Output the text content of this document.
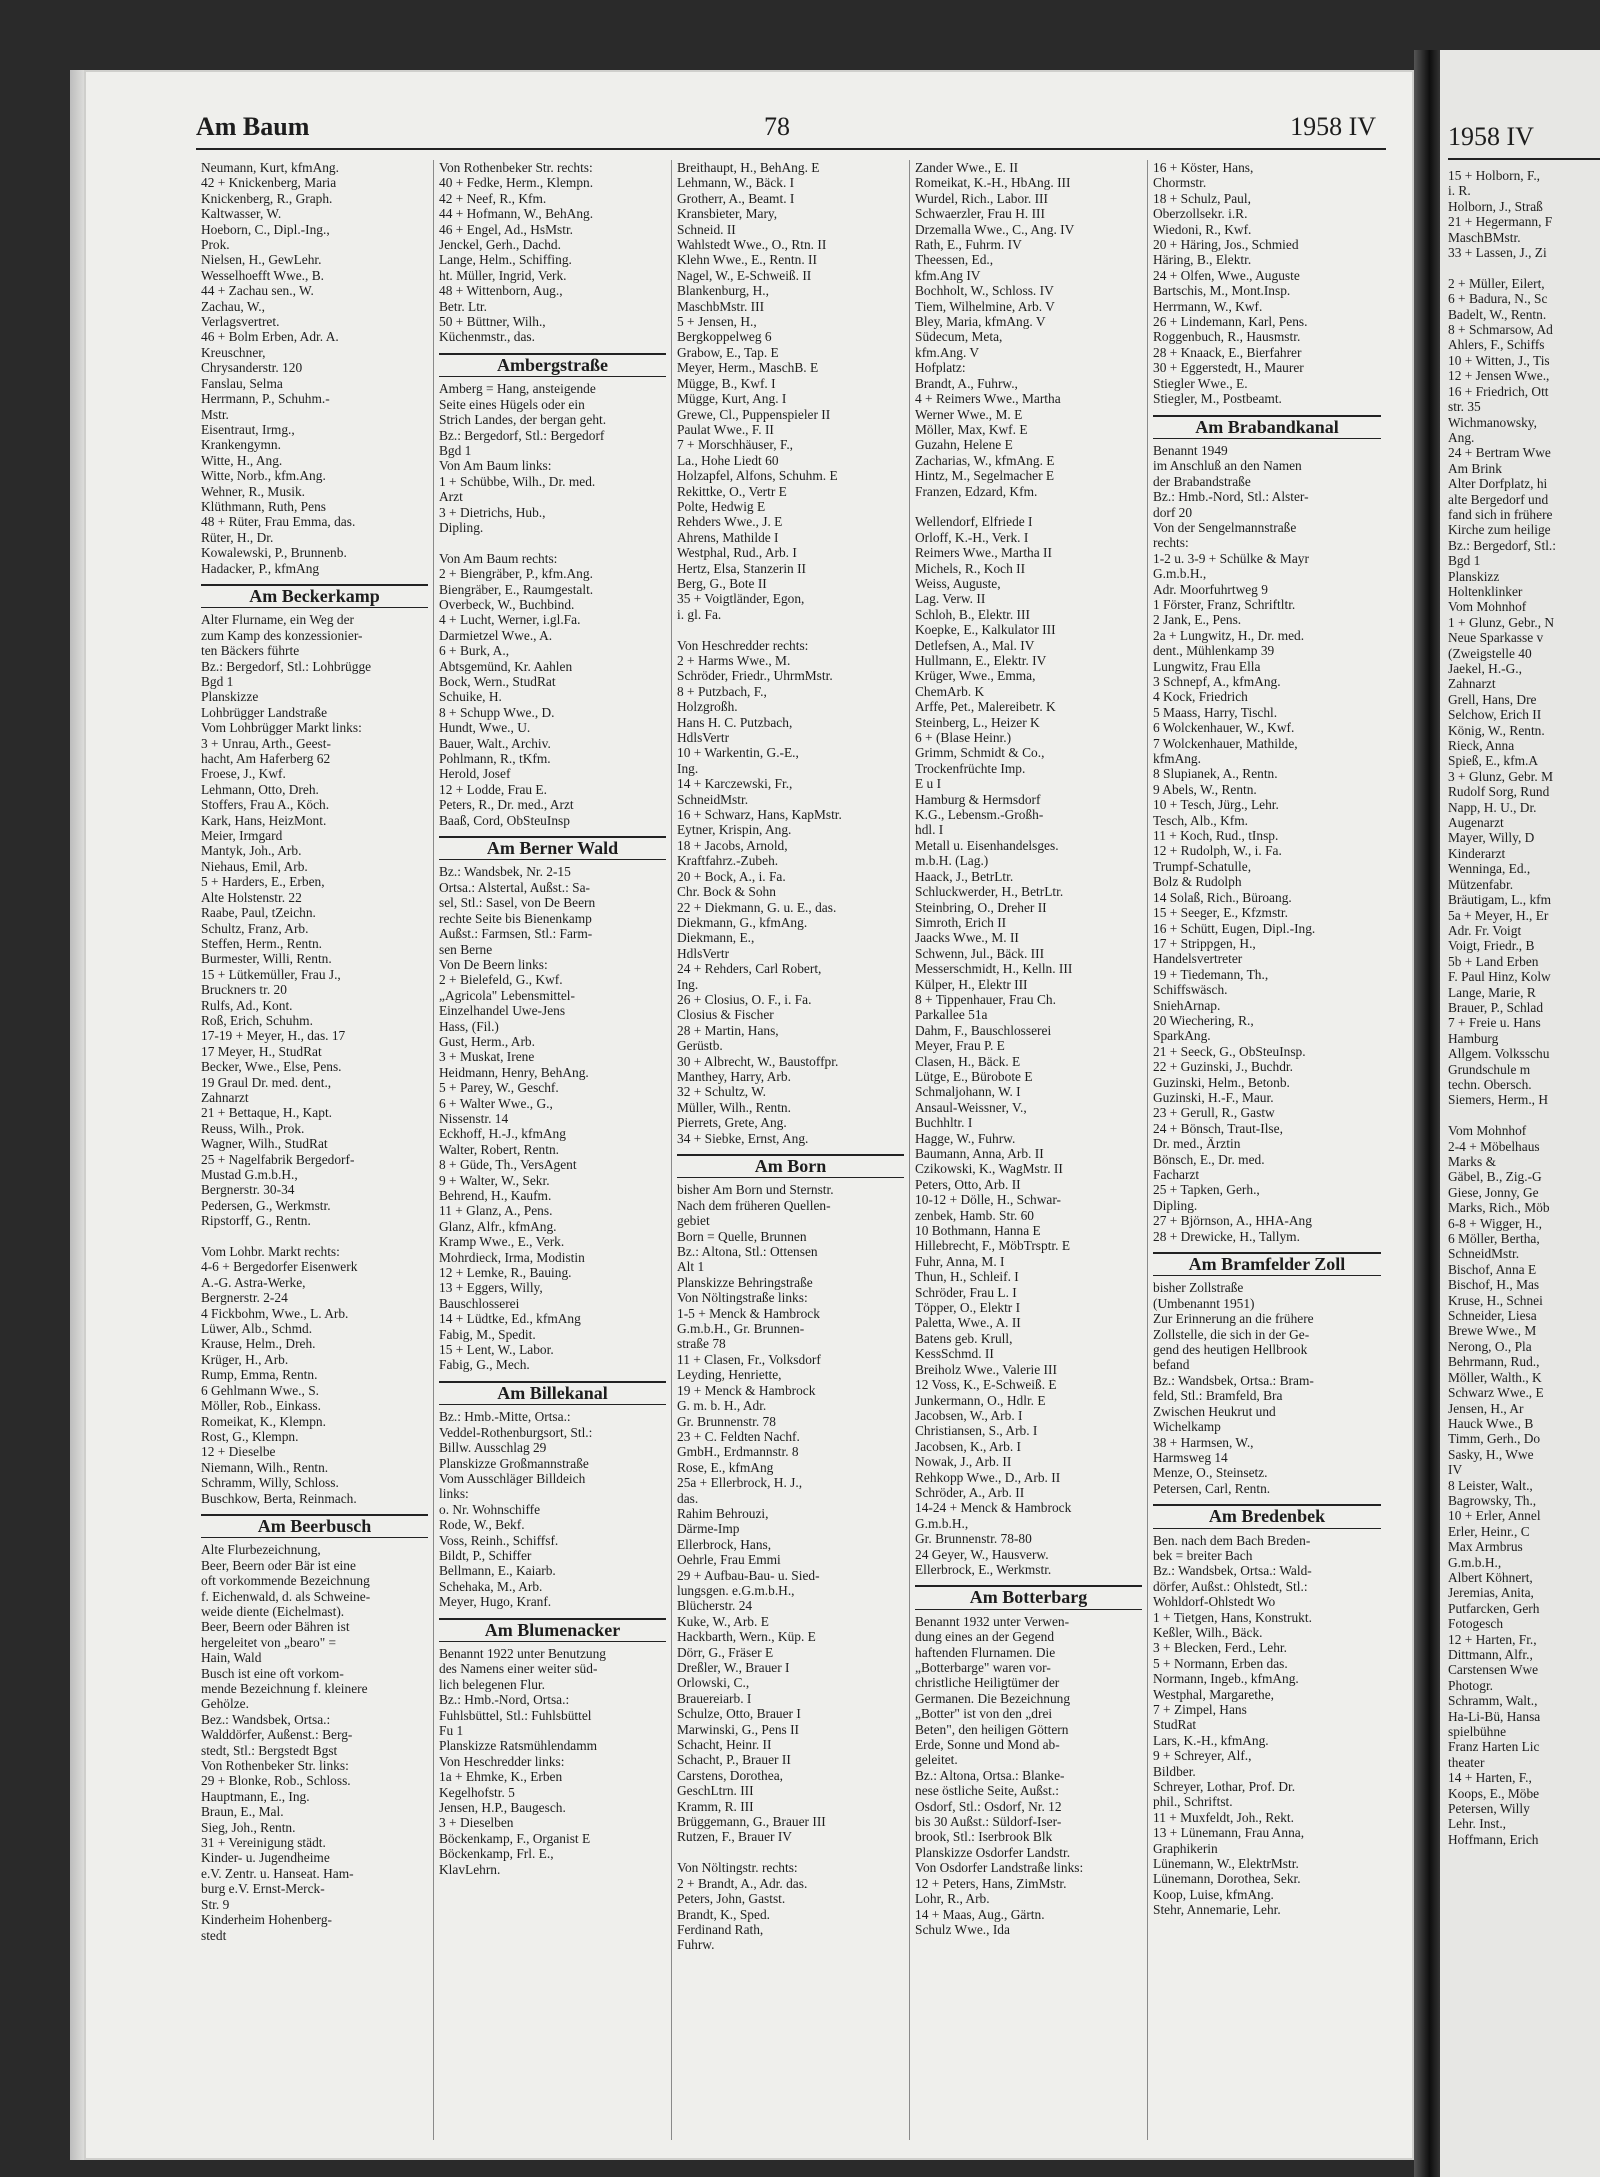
Am Baum	78	1958 IV
Neumann, Kurt, kfmAng.
42 + Knickenberg, Maria
Knickenberg, R., Graph.
Kaltwasser, W.
Hoeborn, C., Dipl.-Ing.,
Prok.
Nielsen, H., GewLehr.
Wesselhoefft Wwe., B.
44 + Zachau sen., W.
Zachau, W.,
Verlagsvertret.
46 + Bolm Erben, Adr. A.
Kreuschner,
Chrysanderstr. 120
Fanslau, Selma
Herrmann, P., Schuhm.-
Mstr.
Eisentraut, Irmg.,
Krankengymn.
Witte, H., Ang.
Witte, Norb., kfm.Ang.
Wehner, R., Musik.
Klüthmann, Ruth, Pens
48 + Rüter, Frau Emma, das.
Rüter, H., Dr.
Kowalewski, P., Brunnenb.
Hadacker, P., kfmAng
Am Beckerkamp
Alter Flurname, ein Weg der
zum Kamp des konzessionier-
ten Bäckers führte
Bz.: Bergedorf, Stl.: Lohbrügge
Bgd 1
Planskizze
Lohbrügger Landstraße
Vom Lohbrügger Markt links:
3 + Unrau, Arth., Geest-
hacht, Am Haferberg 62
Froese, J., Kwf.
Lehmann, Otto, Dreh.
Stoffers, Frau A., Köch.
Kark, Hans, HeizMont.
Meier, Irmgard
Mantyk, Joh., Arb.
Niehaus, Emil, Arb.
5 + Harders, E., Erben,
Alte Holstenstr. 22
Raabe, Paul, tZeichn.
Schultz, Franz, Arb.
Steffen, Herm., Rentn.
Burmester, Willi, Rentn.
15 + Lütkemüller, Frau J.,
Bruckners tr. 20
Rulfs, Ad., Kont.
Roß, Erich, Schuhm.
17-19 + Meyer, H., das. 17
17 Meyer, H., StudRat
Becker, Wwe., Else, Pens.
19 Graul Dr. med. dent.,
Zahnarzt
21 + Bettaque, H., Kapt.
Reuss, Wilh., Prok.
Wagner, Wilh., StudRat
25 + Nagelfabrik Bergedorf-
Mustad G.m.b.H.,
Bergnerstr. 30-34
Pedersen, G., Werkmstr.
Ripstorff, G., Rentn.

Vom Lohbr. Markt rechts:
4-6 + Bergedorfer Eisenwerk
A.-G. Astra-Werke,
Bergnerstr. 2-24
4 Fickbohm, Wwe., L. Arb.
Lüwer, Alb., Schmd.
Krause, Helm., Dreh.
Krüger, H., Arb.
Rump, Emma, Rentn.
6 Gehlmann Wwe., S.
Möller, Rob., Einkass.
Romeikat, K., Klempn.
Rost, G., Klempn.
12 + Dieselbe
Niemann, Wilh., Rentn.
Schramm, Willy, Schloss.
Buschkow, Berta, Reinmach.
Am Beerbusch
Alte Flurbezeichnung,
Beer, Beern oder Bär ist eine
oft vorkommende Bezeichnung
f. Eichenwald, d. als Schweine-
weide diente (Eichelmast).
Beer, Beern oder Bähren ist
hergeleitet von „bearo" =
Hain, Wald
Busch ist eine oft vorkom-
mende Bezeichnung f. kleinere
Gehölze.
Bez.: Wandsbek, Ortsa.:
Walddörfer, Außenst.: Berg-
stedt, Stl.: Bergstedt Bgst
Von Rothenbeker Str. links:
29 + Blonke, Rob., Schloss.
Hauptmann, E., Ing.
Braun, E., Mal.
Sieg, Joh., Rentn.
31 + Vereinigung städt.
Kinder- u. Jugendheime
e.V. Zentr. u. Hanseat. Ham-
burg e.V. Ernst-Merck-
Str. 9
Kinderheim Hohenberg-
stedt
Von Rothenbeker Str. rechts:
40 + Fedke, Herm., Klempn.
42 + Neef, R., Kfm.
44 + Hofmann, W., BehAng.
46 + Engel, Ad., HsMstr.
Jenckel, Gerh., Dachd.
Lange, Helm., Schiffing.
ht. Müller, Ingrid, Verk.
48 + Wittenborn, Aug.,
Betr. Ltr.
50 + Büttner, Wilh.,
Küchenmstr., das.
Ambergstraße
Amberg = Hang, ansteigende
Seite eines Hügels oder ein
Strich Landes, der bergan geht.
Bz.: Bergedorf, Stl.: Bergedorf
Bgd 1
Von Am Baum links:
1 + Schübbe, Wilh., Dr. med.
Arzt
3 + Dietrichs, Hub.,
Dipling.

Von Am Baum rechts:
2 + Biengräber, P., kfm.Ang.
Biengräber, E., Raumgestalt.
Overbeck, W., Buchbind.
4 + Lucht, Werner, i.gl.Fa.
Darmietzel Wwe., A.
6 + Burk, A.,
Abtsgemünd, Kr. Aahlen
Bock, Wern., StudRat
Schuike, H.
8 + Schupp Wwe., D.
Hundt, Wwe., U.
Bauer, Walt., Archiv.
Pohlmann, R., tKfm.
Herold, Josef
12 + Lodde, Frau E.
Peters, R., Dr. med., Arzt
Baaß, Cord, ObSteuInsp
Am Berner Wald
Bz.: Wandsbek, Nr. 2-15
Ortsa.: Alstertal, Außst.: Sa-
sel, Stl.: Sasel, von De Beern
rechte Seite bis Bienenkamp
Außst.: Farmsen, Stl.: Farm-
sen Berne
Von De Beern links:
2 + Bielefeld, G., Kwf.
„Agricola" Lebensmittel-
Einzelhandel Uwe-Jens
Hass, (Fil.)
Gust, Herm., Arb.
3 + Muskat, Irene
Heidmann, Henry, BehAng.
5 + Parey, W., Geschf.
6 + Walter Wwe., G.,
Nissenstr. 14
Eckhoff, H.-J., kfmAng
Walter, Robert, Rentn.
8 + Güde, Th., VersAgent
9 + Walter, W., Sekr.
Behrend, H., Kaufm.
11 + Glanz, A., Pens.
Glanz, Alfr., kfmAng.
Kramp Wwe., E., Verk.
Mohrdieck, Irma, Modistin
12 + Lemke, R., Bauing.
13 + Eggers, Willy,
Bauschlosserei
14 + Lüdtke, Ed., kfmAng
Fabig, M., Spedit.
15 + Lent, W., Labor.
Fabig, G., Mech.
Am Billekanal
Bz.: Hmb.-Mitte, Ortsa.:
Veddel-Rothenburgsort, Stl.:
Billw. Ausschlag 29
Planskizze Großmannstraße
Vom Ausschläger Billdeich
links:
o. Nr. Wohnschiffe
Rode, W., Bekf.
Voss, Reinh., Schiffsf.
Bildt, P., Schiffer
Bellmann, E., Kaiarb.
Schehaka, M., Arb.
Meyer, Hugo, Kranf.
Am Blumenacker
Benannt 1922 unter Benutzung
des Namens einer weiter süd-
lich belegenen Flur.
Bz.: Hmb.-Nord, Ortsa.:
Fuhlsbüttel, Stl.: Fuhlsbüttel
Fu 1
Planskizze Ratsmühlendamm
Von Heschredder links:
1a + Ehmke, K., Erben
Kegelhofstr. 5
Jensen, H.P., Baugesch.
3 + Dieselben
Böckenkamp, F., Organist E
Böckenkamp, Frl. E.,
KlavLehrn.
Breithaupt, H., BehAng. E
Lehmann, W., Bäck. I
Grotherr, A., Beamt. I
Kransbieter, Mary,
Schneid. II
Wahlstedt Wwe., O., Rtn. II
Klehn Wwe., E., Rentn. II
Nagel, W., E-Schweiß. II
Blankenburg, H.,
MaschbMstr. III
5 + Jensen, H.,
Bergkoppelweg 6
Grabow, E., Tap. E
Meyer, Herm., MaschB. E
Mügge, B., Kwf. I
Mügge, Kurt, Ang. I
Grewe, Cl., Puppenspieler II
Paulat Wwe., F. II
7 + Morschhäuser, F.,
La., Hohe Liedt 60
Holzapfel, Alfons, Schuhm. E
Rekittke, O., Vertr E
Polte, Hedwig E
Rehders Wwe., J. E
Ahrens, Mathilde I
Westphal, Rud., Arb. I
Hertz, Elsa, Stanzerin II
Berg, G., Bote II
35 + Voigtländer, Egon,
i. gl. Fa.

Von Heschredder rechts:
2 + Harms Wwe., M.
Schröder, Friedr., UhrmMstr.
8 + Putzbach, F.,
Holzgroßh.
Hans H. C. Putzbach,
HdlsVertr
10 + Warkentin, G.-E.,
Ing.
14 + Karczewski, Fr.,
SchneidMstr.
16 + Schwarz, Hans, KapMstr.
Eytner, Krispin, Ang.
18 + Jacobs, Arnold,
Kraftfahrz.-Zubeh.
20 + Bock, A., i. Fa.
Chr. Bock & Sohn
22 + Diekmann, G. u. E., das.
Diekmann, G., kfmAng.
Diekmann, E.,
HdlsVertr
24 + Rehders, Carl Robert,
Ing.
26 + Closius, O. F., i. Fa.
Closius & Fischer
28 + Martin, Hans,
Gerüstb.
30 + Albrecht, W., Baustoffpr.
Manthey, Harry, Arb.
32 + Schultz, W.
Müller, Wilh., Rentn.
Pierrets, Grete, Ang.
34 + Siebke, Ernst, Ang.
Am Born
bisher Am Born und Sternstr.
Nach dem früheren Quellen-
gebiet
Born = Quelle, Brunnen
Bz.: Altona, Stl.: Ottensen
Alt 1
Planskizze Behringstraße
Von Nöltingstraße links:
1-5 + Menck & Hambrock
G.m.b.H., Gr. Brunnen-
straße 78
11 + Clasen, Fr., Volksdorf
Leyding, Henriette,
19 + Menck & Hambrock
G. m. b. H., Adr.
Gr. Brunnenstr. 78
23 + C. Feldten Nachf.
GmbH., Erdmannstr. 8
Rose, E., kfmAng
25a + Ellerbrock, H. J.,
das.
Rahim Behrouzi,
Därme-Imp
Ellerbrock, Hans,
Oehrle, Frau Emmi
29 + Aufbau-Bau- u. Sied-
lungsgen. e.G.m.b.H.,
Blücherstr. 24
Kuke, W., Arb. E
Hackbarth, Wern., Küp. E
Dörr, G., Fräser E
Dreßler, W., Brauer I
Orlowski, C.,
Brauereiarb. I
Schulze, Otto, Brauer I
Marwinski, G., Pens II
Schacht, Heinr. II
Schacht, P., Brauer II
Carstens, Dorothea,
GeschLtrn. III
Kramm, R. III
Brüggemann, G., Brauer III
Rutzen, F., Brauer IV

Von Nöltingstr. rechts:
2 + Brandt, A., Adr. das.
Peters, John, Gastst.
Brandt, K., Sped.
Ferdinand Rath,
Fuhrw.
Zander Wwe., E. II
Romeikat, K.-H., HbAng. III
Wurdel, Rich., Labor. III
Schwaerzler, Frau H. III
Drzemalla Wwe., C., Ang. IV
Rath, E., Fuhrm. IV
Theessen, Ed.,
kfm.Ang IV
Bochholt, W., Schloss. IV
Tiem, Wilhelmine, Arb. V
Bley, Maria, kfmAng. V
Südecum, Meta,
kfm.Ang. V
Hofplatz:
Brandt, A., Fuhrw.,
4 + Reimers Wwe., Martha
Werner Wwe., M. E
Möller, Max, Kwf. E
Guzahn, Helene E
Zacharias, W., kfmAng. E
Hintz, M., Segelmacher E
Franzen, Edzard, Kfm.

Wellendorf, Elfriede I
Orloff, K.-H., Verk. I
Reimers Wwe., Martha II
Michels, R., Koch II
Weiss, Auguste,
Lag. Verw. II
Schloh, B., Elektr. III
Koepke, E., Kalkulator III
Detlefsen, A., Mal. IV
Hullmann, E., Elektr. IV
Krüger, Wwe., Emma,
ChemArb. K
Arffe, Pet., Malereibetr. K
Steinberg, L., Heizer K
6 + (Blase Heinr.)
Grimm, Schmidt & Co.,
Trockenfrüchte Imp.
E u I
Hamburg & Hermsdorf
K.G., Lebensm.-Großh-
hdl. I
Metall u. Eisenhandelsges.
m.b.H. (Lag.)
Haack, J., BetrLtr.
Schluckwerder, H., BetrLtr.
Steinbring, O., Dreher II
Simroth, Erich II
Jaacks Wwe., M. II
Schwenn, Jul., Bäck. III
Messerschmidt, H., Kelln. III
Külper, H., Elektr III
8 + Tippenhauer, Frau Ch.
Parkallee 51a
Dahm, F., Bauschlosserei
Meyer, Frau P. E
Clasen, H., Bäck. E
Lütge, E., Bürobote E
Schmaljohann, W. I
Ansaul-Weissner, V.,
Buchhltr. I
Hagge, W., Fuhrw.
Baumann, Anna, Arb. II
Czikowski, K., WagMstr. II
Peters, Otto, Arb. II
10-12 + Dölle, H., Schwar-
zenbek, Hamb. Str. 60
10 Bothmann, Hanna E
Hillebrecht, F., MöbTrsptr. E
Fuhr, Anna, M. I
Thun, H., Schleif. I
Schröder, Frau L. I
Töpper, O., Elektr I
Paletta, Wwe., A. II
Batens geb. Krull,
KessSchmd. II
Breiholz Wwe., Valerie III
12 Voss, K., E-Schweiß. E
Junkermann, O., Hdlr. E
Jacobsen, W., Arb. I
Christiansen, S., Arb. I
Jacobsen, K., Arb. I
Nowak, J., Arb. II
Rehkopp Wwe., D., Arb. II
Schröder, A., Arb. II
14-24 + Menck & Hambrock
G.m.b.H.,
Gr. Brunnenstr. 78-80
24 Geyer, W., Hausverw.
Ellerbrock, E., Werkmstr.
Am Botterbarg
Benannt 1932 unter Verwen-
dung eines an der Gegend
haftenden Flurnamen. Die
„Botterbarge" waren vor-
christliche Heiligtümer der
Germanen. Die Bezeichnung
„Botter" ist von den „drei
Beten", den heiligen Göttern
Erde, Sonne und Mond ab-
geleitet.
Bz.: Altona, Ortsa.: Blanke-
nese östliche Seite, Außst.:
Osdorf, Stl.: Osdorf, Nr. 12
bis 30 Außst.: Süldorf-Iser-
brook, Stl.: Iserbrook Blk
Planskizze Osdorfer Landstr.
Von Osdorfer Landstraße links:
12 + Peters, Hans, ZimMstr.
Lohr, R., Arb.
14 + Maas, Aug., Gärtn.
Schulz Wwe., Ida
16 + Köster, Hans,
Chormstr.
18 + Schulz, Paul,
Oberzollsekr. i.R.
Wiedoni, R., Kwf.
20 + Häring, Jos., Schmied
Häring, B., Elektr.
24 + Olfen, Wwe., Auguste
Bartschis, M., Mont.Insp.
Herrmann, W., Kwf.
26 + Lindemann, Karl, Pens.
Roggenbuch, R., Hausmstr.
28 + Knaack, E., Bierfahrer
30 + Eggerstedt, H., Maurer
Stiegler Wwe., E.
Stiegler, M., Postbeamt.
Am Brabandkanal
Benannt 1949
im Anschluß an den Namen
der Brabandstraße
Bz.: Hmb.-Nord, Stl.: Alster-
dorf 20
Von der Sengelmannstraße
rechts:
1-2 u. 3-9 + Schülke & Mayr
G.m.b.H.,
Adr. Moorfuhrtweg 9
1 Förster, Franz, Schriftltr.
2 Jank, E., Pens.
2a + Lungwitz, H., Dr. med.
dent., Mühlenkamp 39
Lungwitz, Frau Ella
3 Schnepf, A., kfmAng.
4 Kock, Friedrich
5 Maass, Harry, Tischl.
6 Wolckenhauer, W., Kwf.
7 Wolckenhauer, Mathilde,
kfmAng.
8 Slupianek, A., Rentn.
9 Abels, W., Rentn.
10 + Tesch, Jürg., Lehr.
Tesch, Alb., Kfm.
11 + Koch, Rud., tInsp.
12 + Rudolph, W., i. Fa.
Trumpf-Schatulle,
Bolz & Rudolph
14 Solaß, Rich., Büroang.
15 + Seeger, E., Kfzmstr.
16 + Schütt, Eugen, Dipl.-Ing.
17 + Strippgen, H.,
Handelsvertreter
19 + Tiedemann, Th.,
Schiffswäsch.
SniehArnap.
20 Wiechering, R.,
SparkAng.
21 + Seeck, G., ObSteuInsp.
22 + Guzinski, J., Buchdr.
Guzinski, Helm., Betonb.
Guzinski, H.-F., Maur.
23 + Gerull, R., Gastw
24 + Bönsch, Traut-Ilse,
Dr. med., Ärztin
Bönsch, E., Dr. med.
Facharzt
25 + Tapken, Gerh.,
Dipling.
27 + Björnson, A., HHA-Ang
28 + Drewicke, H., Tallym.
Am Bramfelder Zoll
bisher Zollstraße
(Umbenannt 1951)
Zur Erinnerung an die frühere
Zollstelle, die sich in der Ge-
gend des heutigen Hellbrook
befand
Bz.: Wandsbek, Ortsa.: Bram-
feld, Stl.: Bramfeld, Bra
Zwischen Heukrut und
Wichelkamp
38 + Harmsen, W.,
Harmsweg 14
Menze, O., Steinsetz.
Petersen, Carl, Rentn.
Am Bredenbek
Ben. nach dem Bach Breden-
bek = breiter Bach
Bz.: Wandsbek, Ortsa.: Wald-
dörfer, Außst.: Ohlstedt, Stl.:
Wohldorf-Ohlstedt Wo
1 + Tietgen, Hans, Konstrukt.
Keßler, Wilh., Bäck.
3 + Blecken, Ferd., Lehr.
5 + Normann, Erben das.
Normann, Ingeb., kfmAng.
Westphal, Margarethe,
7 + Zimpel, Hans
StudRat
Lars, K.-H., kfmAng.
9 + Schreyer, Alf.,
Bildber.
Schreyer, Lothar, Prof. Dr.
phil., Schriftst.
11 + Muxfeldt, Joh., Rekt.
13 + Lünemann, Frau Anna,
Graphikerin
Lünemann, W., ElektrMstr.
Lünemann, Dorothea, Sekr.
Koop, Luise, kfmAng.
Stehr, Annemarie, Lehr.
1958 IV
15 + Holborn, F.,
i. R.
Holborn, J., Straß
21 + Hegermann, F
MaschBMstr.
33 + Lassen, J., Zi

2 + Müller, Eilert,
6 + Badura, N., Sc
Badelt, W., Rentn.
8 + Schmarsow, Ad
Ahlers, F., Schiffs
10 + Witten, J., Tis
12 + Jensen Wwe.,
16 + Friedrich, Ott
str. 35
Wichmanowsky,
Ang.
24 + Bertram Wwe
Am Brink
Alter Dorfplatz, hi
alte Bergedorf und
fand sich in frühere
Kirche zum heilige
Bz.: Bergedorf, Stl.:
Bgd 1
Planskizz
Holtenklinker
Vom Mohnhof
1 + Glunz, Gebr., N
Neue Sparkasse v
(Zweigstelle 40
Jaekel, H.-G.,
Zahnarzt
Grell, Hans, Dre
Selchow, Erich II
König, W., Rentn.
Rieck, Anna
Spieß, E., kfm.A
3 + Glunz, Gebr. M
Rudolf Sorg, Rund
Napp, H. U., Dr.
Augenarzt
Mayer, Willy, D
Kinderarzt
Wenninga, Ed.,
Mützenfabr.
Bräutigam, L., kfm
5a + Meyer, H., Er
Adr. Fr. Voigt
Voigt, Friedr., B
5b + Land Erben
F. Paul Hinz, Kolw
Lange, Marie, R
Brauer, P., Schlad
7 + Freie u. Hans
Hamburg
Allgem. Volksschu
Grundschule m
techn. Obersch.
Siemers, Herm., H

Vom Mohnhof
2-4 + Möbelhaus
Marks &
Gäbel, B., Zig.-G
Giese, Jonny, Ge
Marks, Rich., Möb
6-8 + Wigger, H.,
6 Möller, Bertha,
SchneidMstr.
Bischof, Anna E
Bischof, H., Mas
Kruse, H., Schnei
Schneider, Liesa
Brewe Wwe., M
Nerong, O., Pla
Behrmann, Rud.,
Möller, Walth., K
Schwarz Wwe., E
Jensen, H., Ar
Hauck Wwe., B
Timm, Gerh., Do
Sasky, H., Wwe
IV
8 Leister, Walt.,
Bagrowsky, Th.,
10 + Erler, Annel
Erler, Heinr., C
Max Armbrus
G.m.b.H.,
Albert Köhnert,
Jeremias, Anita,
Putfarcken, Gerh
Fotogesch
12 + Harten, Fr.,
Dittmann, Alfr.,
Carstensen Wwe
Photogr.
Schramm, Walt.,
Ha-Li-Bü, Hansa
spielbühne
Franz Harten Lic
theater
14 + Harten, F.,
Koops, E., Möbe
Petersen, Willy
Lehr. Inst.,
Hoffmann, Erich
